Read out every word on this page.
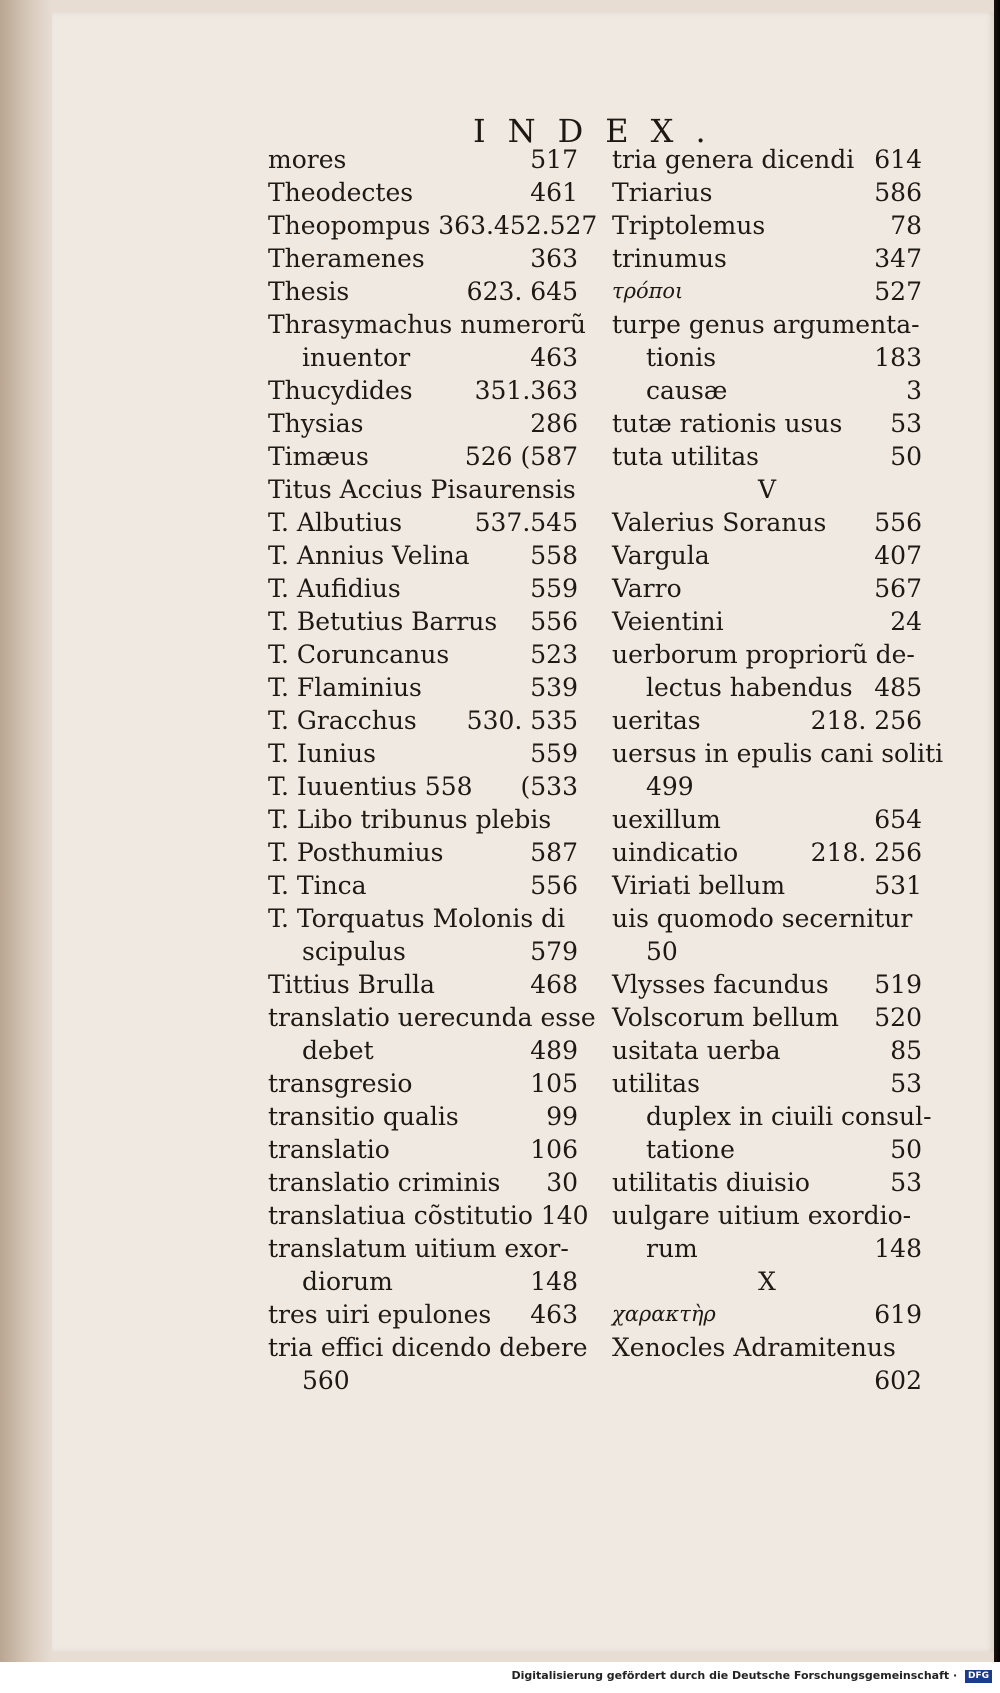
INDEX.
mores	517
Theodectes	461
Theopompus 363.452.527
Theramenes	363
Thesis	623. 645
Thrasymachus numerorũ
inuentor	463
Thucydides 351.363
Thysias	286
Timæus	526 (587
Titus Accius Pisaurensis
T. Albutius	537.545
T. Annius Velina 558
T. Aufidius	559
T. Betutius Barrus 556
T. Coruncanus	523
T. Flaminius	539
T. Gracchus 530. 535
T. Iunius	559
T. Iuuentius 558 (533
T. Libo tribunus plebis
T. Posthumius	587
T. Tinca	556
T. Torquatus Molonis di
scipulus	579
Tittius Brulla	468
translatio uerecunda esse
debet	489
transgresio	105
transitio qualis	99
translatio	106
translatio criminis 30
translatiua cõstitutio 140
translatum uitium exor-
diorum	148
tres uiri epulones 463
tria effici dicendo debere
560
tria genera dicendi 614
Triarius	586
Triptolemus	78
trinumus	347
τρόποι	527
turpe genus argumenta-
tionis	183
causæ	3
tutæ rationis usus 53
tuta utilitas	50
V
Valerius Soranus 556
Vargula	407
Varro	567
Veientini	24
uerborum propriorũ de-
lectus habendus 485
ueritas	218. 256
uersus in epulis cani soliti
499
uexillum	654
uindicatio	218. 256
Viriati bellum	531
uis quomodo secernitur
50
Vlysses facundus 519
Volscorum bellum 520
usitata uerba	85
utilitas	53
duplex in ciuili consul-
tatione	50
utilitatis diuisio	53
uulgare uitium exordio-
rum	148
X
χαρακτὴρ	619
Xenocles Adramitenus
602
Digitalisierung gefördert durch die Deutsche Forschungsgemeinschaft · DFG
